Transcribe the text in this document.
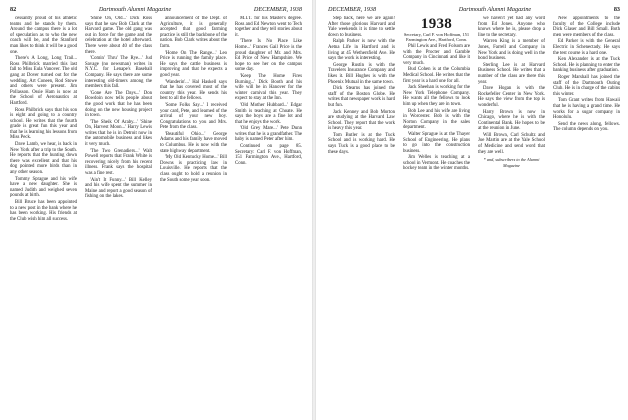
82	Dartmouth Alumni Magazine	DECEMBER, 1938

cessantly proud of his athletic teams and he stands by them. Around the campus there is a lot of speculation as to who the new coach will be, and the Stanford man likes to think it will be a good one.

There's A Long, Long Trail... Ross Philbrick married this last fall to Miss Eula Vanover. The old gang at Dover turned out for the wedding. Art Coneen, Rod Stowe and others were present. Jim Pollasson. Ossie Ham is now at the School of Aeronautics at Hartford.

Ross Philbrick says that his son is eight and going to a country school. He writes that the fourth grade is great fun this year and that he is learning his lessons from Miss Peck.

Dave Lamb, we hear, is back in New York after a trip to the South. He reports that the hunting down there was excellent and that his dog pointed more birds than in any other season.

Tommy Sprague and his wife have a new daughter. She is named Judith and weighed seven pounds at birth.

Bill Bruce has been appointed to a new post in the bank where he has been working. His friends at the Club wish him all success.

'Shine On, Old...' Dick Ross says that he saw Bob Clark at the Harvard game. The old gang was out in force for the game and the celebration at the hotel afterward. There were about 40 of the class there.

'Comin' Thru' The Rye...' Jud Savage (no newsman) writes in N.Y.C. for Lenape's Baseball Company. He says there are some interesting old-timers among the members this fall.

'Gone Are The Days...' Don Bowdoin now tells people about the good work that he has been doing on the new housing project in town.

'The Sheik Of Araby...' 'Shine On, Harvest Moon...' Harry Lewis writes that he is in Detroit now in the automobile business and likes it very much.

'The Two Grenadiers...' Walt Powell reports that Frank White is recovering nicely from his recent illness. Frank says the hospital was a fine rest.

'Ain't It Funny...' Bill Kelley and his wife spent the summer in Maine and report a good season of fishing on the lakes.

announcement of the Dept. of Agriculture, it is generally accepted that good farming practice is still the backbone of the nation. Bob Clark writes about the farm.

'Home On The Range...' Leo Price is running the family place. He says the cattle business is improving and that he expects a good year.

'Wanderin'...' Hal Haskell says that he has covered most of the country this year. He sends his best to all the fellows.

'Some Folks Say...' I received your card, Pete, and learned of the arrival of your new boy. Congratulations to you and Mrs. Pete from the class.

'Beautiful Ohio...' George Adams and his family have moved to Columbus. He is now with the state highway department.

'My Old Kentucky Home...' Bill Downs is practicing law in Louisville. He reports that the class ought to hold a reunion in the South some year soon.

M.I.T. for his Master's degree. Ross and Ed Newton went to Tech together and they tell stories about it.

'There Is No Place Like Home...' Frances Gail Price is the proud daughter of Mr. and Mrs. Ed Price of New Hampshire. We hope to see her on the campus some day.

'Keep The Home Fires Burning...' Dick Booth and his wife will be in Hanover for the winter carnival this year. They expect to stay at the Inn.

'Old Mother Hubbard...' Edgar Smith is teaching at Choate. He says the boys are a fine lot and that he enjoys the work.

'Old Grey Mare...' Pete Dunn writes that he is a grandfather. The baby is named Peter after him.

Continued on page 85. Secretary: Carl F. von Hoffman, 151 Farmington Ave., Hartford, Conn.

DECEMBER, 1938	Dartmouth Alumni Magazine	83

Step back, here we are again! After those glorious Harvard and Yale weekends it is time to settle down to business.

Ralph Parker is now with the Aetna Life in Hartford and is living at 45 Wethersfield Ave. He says the work is interesting.

George Rustin is with the Travelers Insurance Company and likes it. Bill Hughes is with the Phoenix Mutual in the same town.

Dick Stearns has joined the staff of the Boston Globe. He writes that newspaper work is hard but fun.

Jack Kenney and Bob Morton are studying at the Harvard Law School. They report that the work is heavy this year.

Tom Butler is at the Tuck School and is working hard. He says Tuck is a good place to be these days.

1938
Secretary, Carl F. von Hoffman, 151 Farmington Ave., Hartford, Conn.

Phil Lewis and Fred Folsom are with the Procter and Gamble Company in Cincinnati and like it very much.

Bud Cohen is at the Columbia Medical School. He writes that the first year is a hard one for all.

Jack Sheehan is working for the New York Telephone Company. He wants all the fellows to look him up when they are in town.

Bob Lee and his wife are living in Worcester. Bob is with the Norton Company in the sales department.

Walter Sprague is at the Thayer School of Engineering. He plans to go into the construction business.

Jim Welles is teaching at a school in Vermont. He coaches the hockey team in the winter months.

we haven't yet had any word from Ed Jones. Anyone who knows where he is, please drop a line to the secretary.

Warren King is a member of Jones, Farrell and Company in New York and is doing well in the bond business.

Sterling Lee is at Harvard Business School. He writes that a number of the class are there this year.

Dave Hogan is with the Rockefeller Center in New York. He says the view from the top is wonderful.

Harry Brown is now in Chicago, where he is with the Continental Bank. He hopes to be at the reunion in June.

Will Brown, Carl Schultz and Joe Martin are at the Yale School of Medicine and send word that they are well.

* and, subscribers to the Alumni Magazine

New appointments to the faculty of the College include Dick Glaser and Bill Small. Both men were members of the class.

Ed Parker is with the General Electric in Schenectady. He says the test course is a hard one.

Ken Alexander is at the Tuck School. He is planning to enter the banking business after graduation.

Roger Marshall has joined the staff of the Dartmouth Outing Club. He is in charge of the cabins this winter.

Tom Grant writes from Hawaii that he is having a grand time. He works for a sugar company in Honolulu.

Send the news along, fellows. The column depends on you.
